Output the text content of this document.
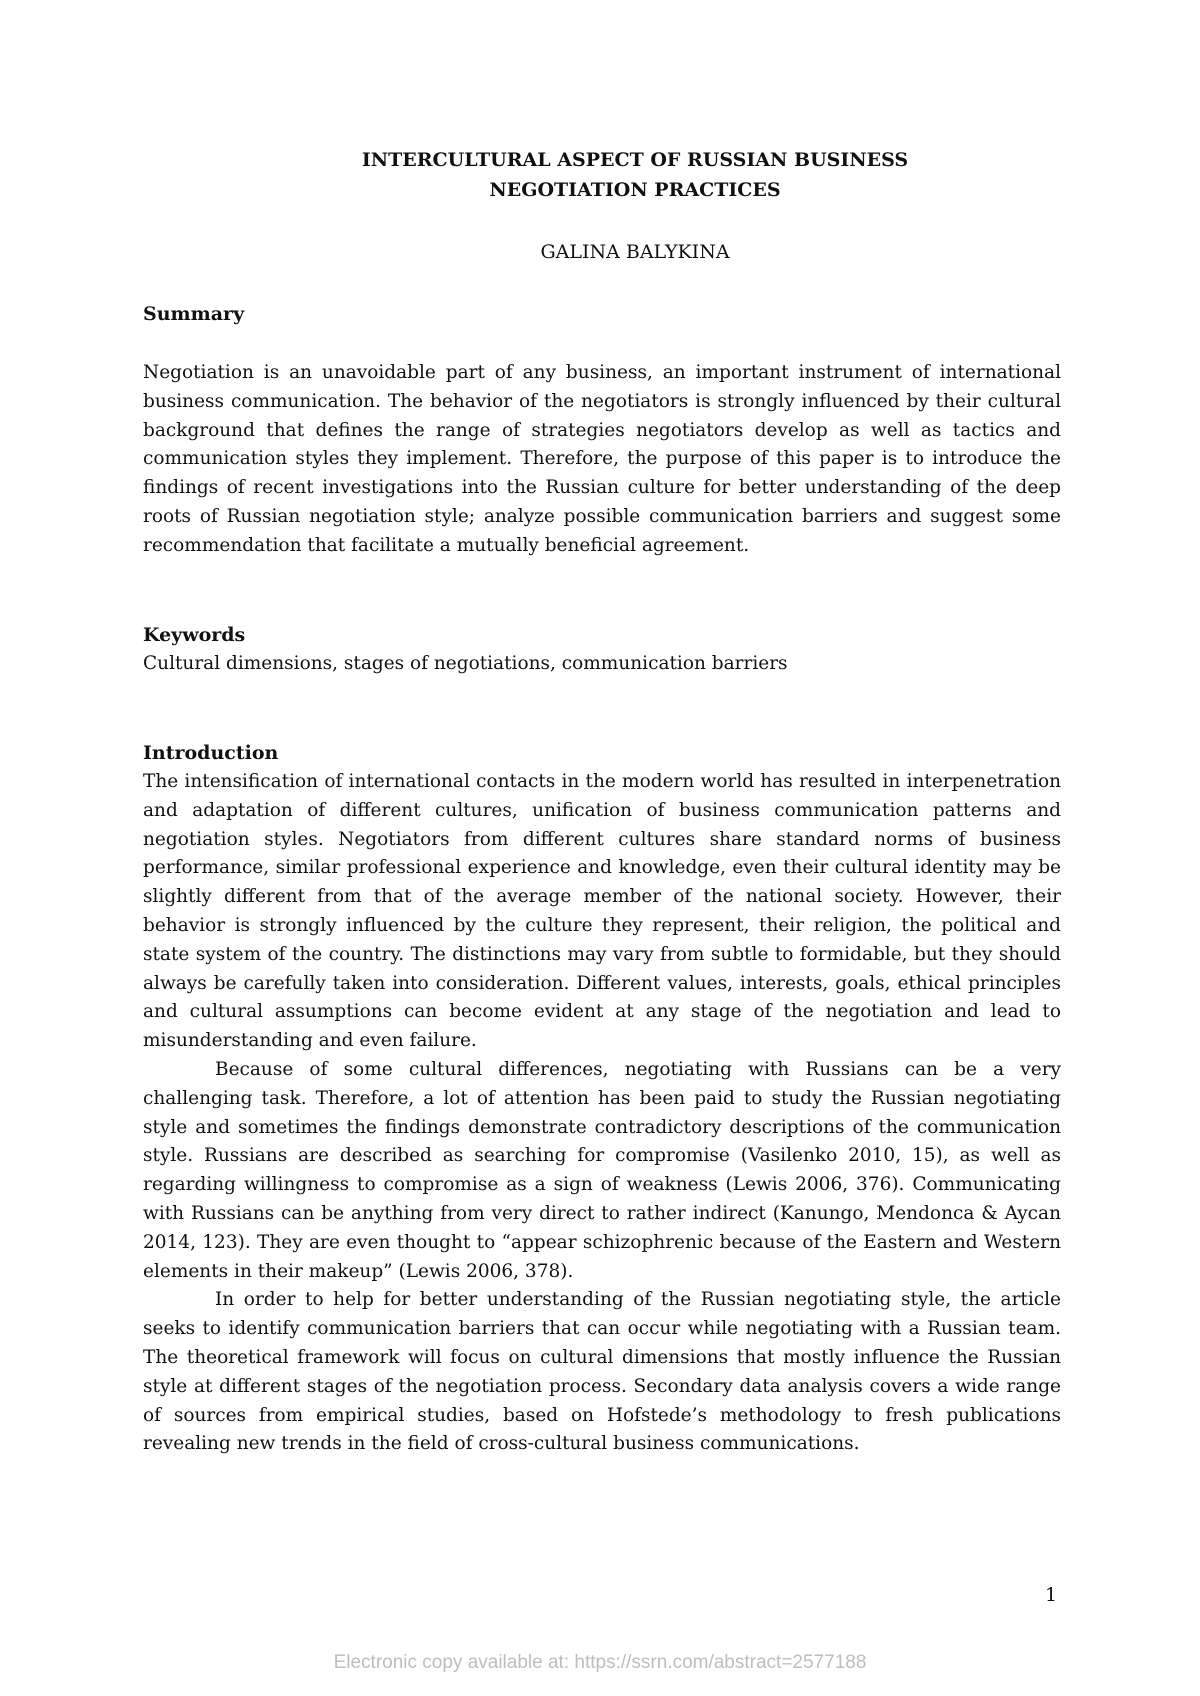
INTERCULTURAL ASPECT OF RUSSIAN BUSINESS
NEGOTIATION PRACTICES
GALINA BALYKINA
Summary

Negotiation is an unavoidable part of any business, an important instrument of international business communication. The behavior of the negotiators is strongly influenced by their cultural background that defines the range of strategies negotiators develop as well as tactics and communication styles they implement. Therefore, the purpose of this paper is to introduce the findings of recent investigations into the Russian culture for better understanding of the deep roots of Russian negotiation style; analyze possible communication barriers and suggest some recommendation that facilitate a mutually beneficial agreement.

Keywords

Cultural dimensions, stages of negotiations, communication barriers

Introduction

The intensification of international contacts in the modern world has resulted in interpenetration and adaptation of different cultures, unification of business communication patterns and negotiation styles. Negotiators from different cultures share standard norms of business performance, similar professional experience and knowledge, even their cultural identity may be slightly different from that of the average member of the national society. However, their behavior is strongly influenced by the culture they represent, their religion, the political and state system of the country. The distinctions may vary from subtle to formidable, but they should always be carefully taken into consideration. Different values, interests, goals, ethical principles and cultural assumptions can become evident at any stage of the negotiation and lead to misunderstanding and even failure.

Because of some cultural differences, negotiating with Russians can be a very challenging task. Therefore, a lot of attention has been paid to study the Russian negotiating style and sometimes the findings demonstrate contradictory descriptions of the communication style. Russians are described as searching for compromise (Vasilenko 2010, 15), as well as regarding willingness to compromise as a sign of weakness (Lewis 2006, 376). Communicating with Russians can be anything from very direct to rather indirect (Kanungo, Mendonca & Aycan 2014, 123). They are even thought to “appear schizophrenic because of the Eastern and Western elements in their makeup” (Lewis 2006, 378).

In order to help for better understanding of the Russian negotiating style, the article seeks to identify communication barriers that can occur while negotiating with a Russian team. The theoretical framework will focus on cultural dimensions that mostly influence the Russian style at different stages of the negotiation process. Secondary data analysis covers a wide range of sources from empirical studies, based on Hofstede’s methodology to fresh publications revealing new trends in the field of cross-cultural business communications.

1
Electronic copy available at: https://ssrn.com/abstract=2577188
